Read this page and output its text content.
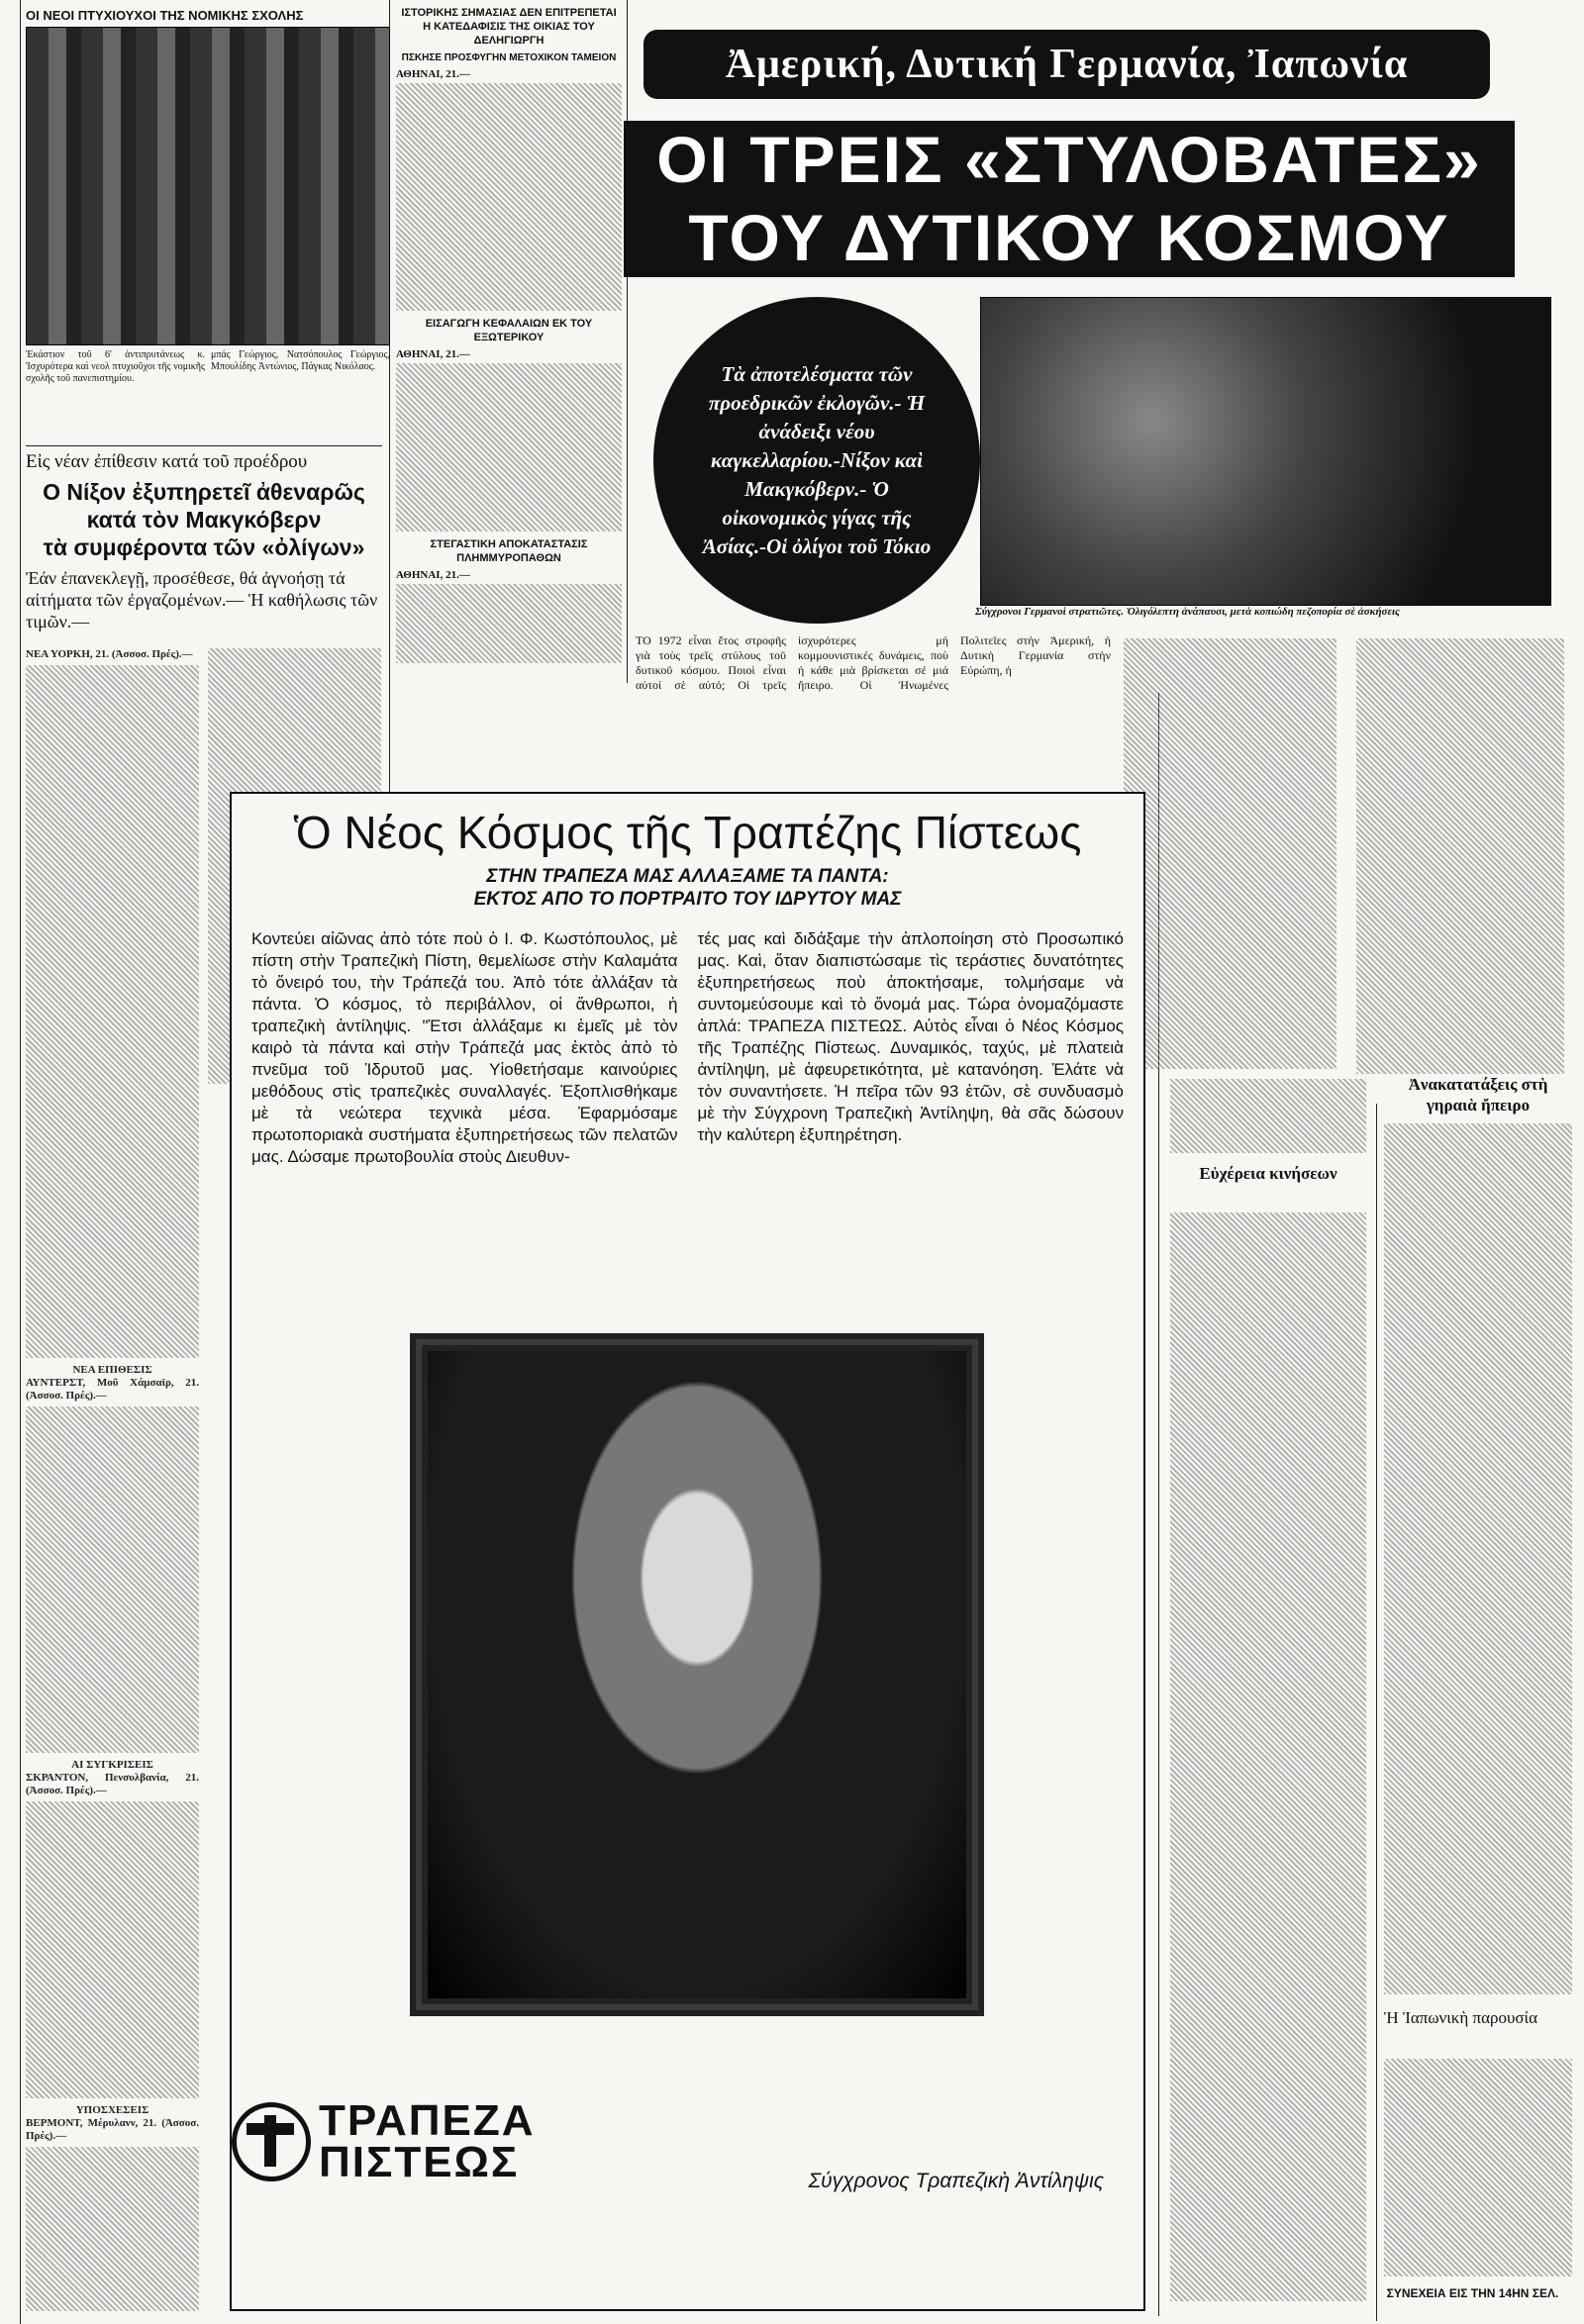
ΟΙ ΝΕΟΙ ΠΤΥΧΙΟΥΧΟΙ ΤΗΣ ΝΟΜΙΚΗΣ ΣΧΟΛΗΣ
Ἐκάστιον τοῦ 6' ἀντιπρυτάνεως κ. Ἰσχυρότερα καὶ νεολ πτυχιοῦχοι τῆς νομικῆς σχολῆς τοῦ πανεπιστημίου.
μπάς Γεώργιος, Νατσόπουλος Γεώργιος, Μπουλίδης Ἀντώνιος, Πάγκας Νικόλαος.
Εἰς νέαν ἐπίθεσιν κατά τοῦ προέδρου
Ο Νίξον ἐξυπηρετεῖ ἀθεναρῶς
κατά τὸν Μακγκόβερν
τὰ συμφέροντα τῶν «ὀλίγων»
Ἐάν ἐπανεκλεγῇ, προσέθεσε, θά ἀγνοήσῃ τά αἰτήματα τῶν ἐργαζομένων.— Ἡ καθήλωσις τῶν τιμῶν.—
ΝΕΑ ΥΟΡΚΗ, 21. (Ἀσσοσ. Πρές).—
ΝΕΑ ΕΠΙΘΕΣΙΣ
ΑΥΝΤΕΡΣΤ, Μοῦ Χάμσαϊρ, 21. (Ἀσσοσ. Πρές).—
ΑΙ ΣΥΓΚΡΙΣΕΙΣ
ΣΚΡΑΝΤΟΝ, Πενσυλβανία, 21. (Ἀσσοσ. Πρές).—
ΥΠΟΣΧΕΣΕΙΣ
ΒΕΡΜΟΝΤ, Μέρυλανν, 21. (Ἀσσοσ. Πρές).—
ΙΣΤΟΡΙΚΗΣ ΣΗΜΑΣΙΑΣ ΔΕΝ ΕΠΙΤΡΕΠΕΤΑΙ Η ΚΑΤΕΔΑΦΙΣΙΣ ΤΗΣ ΟΙΚΙΑΣ ΤΟΥ ΔΕΛΗΓΙΩΡΓΗ
ΠΣΚΗΣΕ ΠΡΟΣΦΥΓΗΝ ΜΕΤΟΧΙΚΟΝ ΤΑΜΕΙΟΝ
ΑΘΗΝΑΙ, 21.—
ΕΙΣΑΓΩΓΗ ΚΕΦΑΛΑΙΩΝ ΕΚ ΤΟΥ ΕΞΩΤΕΡΙΚΟΥ
ΑΘΗΝΑΙ, 21.—
ΣΤΕΓΑΣΤΙΚΗ ΑΠΟΚΑΤΑΣΤΑΣΙΣ ΠΛΗΜΜΥΡΟΠΑΘΩΝ
ΑΘΗΝΑΙ, 21.—
Ἀμερική, Δυτική Γερμανία, Ἰαπωνία
ΟΙ ΤΡΕΙΣ «ΣΤΥΛΟΒΑΤΕΣ»
ΤΟΥ ΔΥΤΙΚΟΥ ΚΟΣΜΟΥ
Τὰ ἀποτελέσματα τῶν προεδρικῶν ἐκλογῶν.- Ἡ ἀνάδειξι νέου καγκελλαρίου.-Νίξον καὶ Μακγκόβερν.- Ὁ οἰκονομικὸς γίγας τῆς Ἀσίας.-Οἱ ὀλίγοι τοῦ Τόκιο
Σύγχρονοι Γερμανοὶ στρατιῶτες. Ὁλιγόλεπτη ἀνάπαυσι, μετὰ κοπιώδη πεζοπορία σὲ ἀσκήσεις
ΤΟ 1972 εἶναι ἔτος στροφῆς γιὰ τοὺς τρεῖς στύλους τοῦ δυτικοῦ κόσμου. Ποιοὶ εἶναι αὐτοί σὲ αὐτό; Οἱ τρεῖς ἰσχυρότερες μή κομμουνιστικές δυνάμεις, ποὺ ἡ κάθε μιὰ βρίσκεται σέ μιά ἤπειρο. Οἱ Ἠνωμένες Πολιτεῖες στὴν Ἀμερική, ἡ Δυτικὴ Γερμανία στὴν Εὐρώπη, ἡ
Εὐχέρεια κινήσεων
Ἀνακατατάξεις στὴ γηραιὰ ἤπειρο
Ἡ Ἰαπωνικὴ παρουσία
ΣΥΝΕΧΕΙΑ ΕΙΣ ΤΗΝ 14ΗΝ ΣΕΛ.
Ὁ Νέος Κόσμος τῆς Τραπέζης Πίστεως
ΣΤΗΝ ΤΡΑΠΕΖΑ ΜΑΣ ΑΛΛΑΞΑΜΕ ΤΑ ΠΑΝΤΑ:
ΕΚΤΟΣ ΑΠΟ ΤΟ ΠΟΡΤΡΑΙΤΟ ΤΟΥ ΙΔΡΥΤΟΥ ΜΑΣ
Κοντεύει αἰῶνας ἀπὸ τότε ποὺ ὁ Ι. Φ. Κωστόπουλος, μὲ πίστη στὴν Τραπεζικὴ Πίστη, θεμελίωσε στὴν Καλαμάτα τὸ ὄνειρό του, τὴν Τράπεζά του. Ἀπὸ τότε ἀλλάξαν τὰ πάντα. Ὁ κόσμος, τὸ περιβάλλον, οἱ ἄνθρωποι, ἡ τραπεζικὴ ἀντίληψις. "Ἐτσι ἀλλάξαμε κι ἐμεῖς μὲ τὸν καιρὸ τὰ πάντα καὶ στὴν Τράπεζά μας ἐκτὸς ἀπὸ τὸ πνεῦμα τοῦ Ἱδρυτοῦ μας. Υἱοθετήσαμε καινούριες μεθόδους στὶς τραπεζικὲς συναλλαγές. Ἐξοπλισθήκαμε μὲ τὰ νεώτερα τεχνικὰ μέσα. Ἐφαρμόσαμε πρωτοποριακὰ συστήματα ἐξυπηρετήσεως τῶν πελατῶν μας. Δώσαμε πρωτοβουλία στοὺς Διευθυν-
τές μας καὶ διδάξαμε τὴν ἀπλοποίηση στὸ Προσωπικό μας. Καὶ, ὅταν διαπιστώσαμε τὶς τεράστιες δυνατότητες ἐξυπηρετήσεως ποὺ ἀποκτήσαμε, τολμήσαμε νὰ συντομεύσουμε καὶ τὸ ὄνομά μας. Τώρα ὀνομαζόμαστε ἁπλά: ΤΡΑΠΕΖΑ ΠΙΣΤΕΩΣ. Αὐτὸς εἶναι ὁ Νέος Κόσμος τῆς Τραπέζης Πίστεως. Δυναμικός, ταχύς, μὲ πλατειὰ ἀντίληψη, μὲ ἀφευρετικότητα, μὲ κατανόηση. Ἐλάτε νὰ τὸν συναντήσετε. Ἡ πεῖρα τῶν 93 ἐτῶν, σὲ συνδυασμὸ μὲ τὴν Σύγχρονη Τραπεζικὴ Ἀντίληψη, θὰ σᾶς δώσουν τὴν καλύτερη ἐξυπηρέτηση.
ΤΡΑΠΕΖΑ
ΠΙΣΤΕΩΣ	Σύγχρονος Τραπεζικὴ Ἀντίληψις
